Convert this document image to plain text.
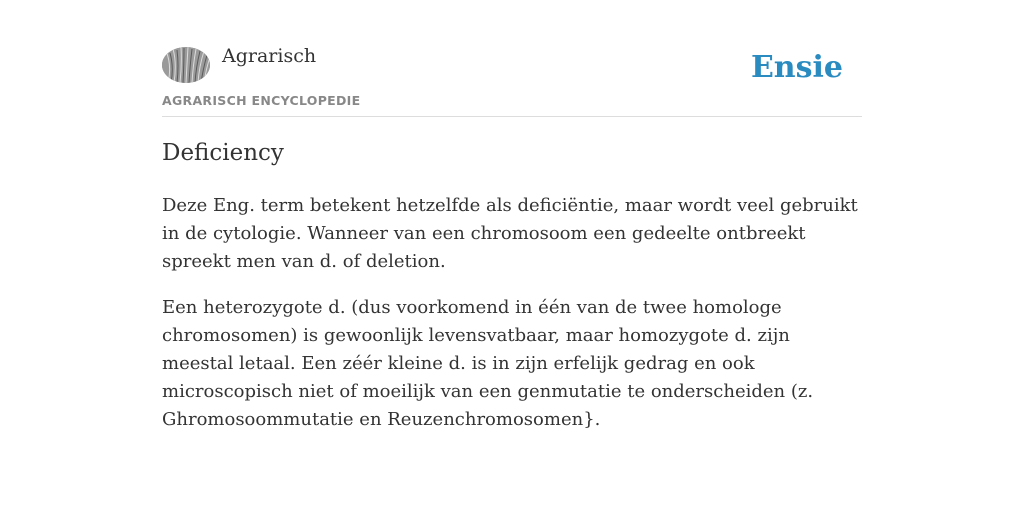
Agrarisch

AGRARISCH ENCYCLOPEDIE

Ensie

Deficiency

Deze Eng. term betekent hetzelfde als deficiëntie, maar wordt veel gebruikt in de cytologie. Wanneer van een chromosoom een gedeelte ontbreekt spreekt men van d. of deletion.

Een heterozygote d. (dus voorkomend in één van de twee homologe chromosomen) is gewoonlijk levensvatbaar, maar homozygote d. zijn meestal letaal. Een zéér kleine d. is in zijn erfelijk gedrag en ook microscopisch niet of moeilijk van een genmutatie te onderscheiden (z. Ghromosoommutatie en Reuzenchromosomen}.
